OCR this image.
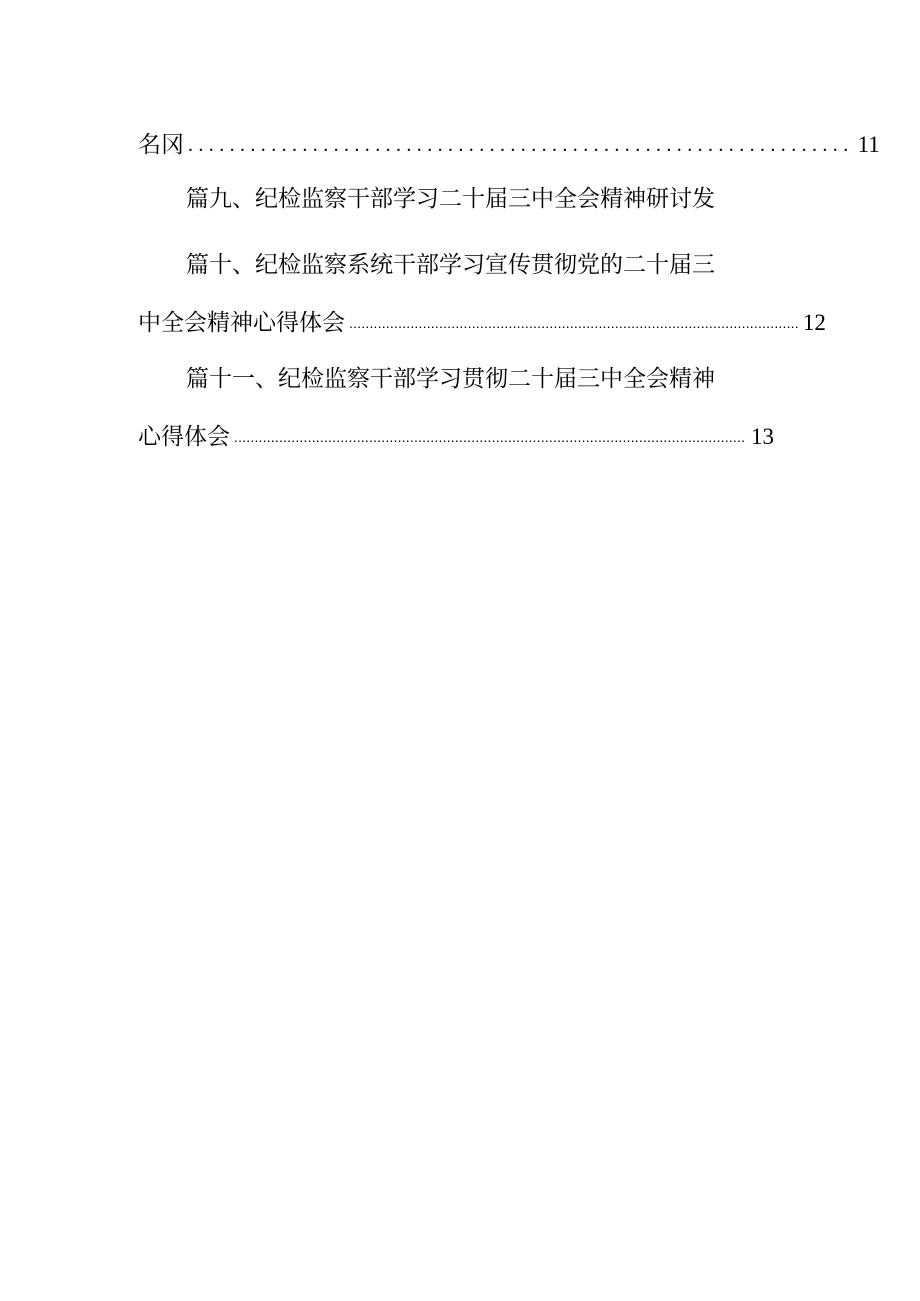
名冈 ................................................................ 11
篇九、纪检监察干部学习二十届三中全会精神研讨发
篇十、纪检监察系统干部学习宣传贯彻党的二十届三
中全会精神心得体会 .............................................................................................................. 12
篇十一、纪检监察干部学习贯彻二十届三中全会精神
心得体会 ............................................................................................................................. 13
